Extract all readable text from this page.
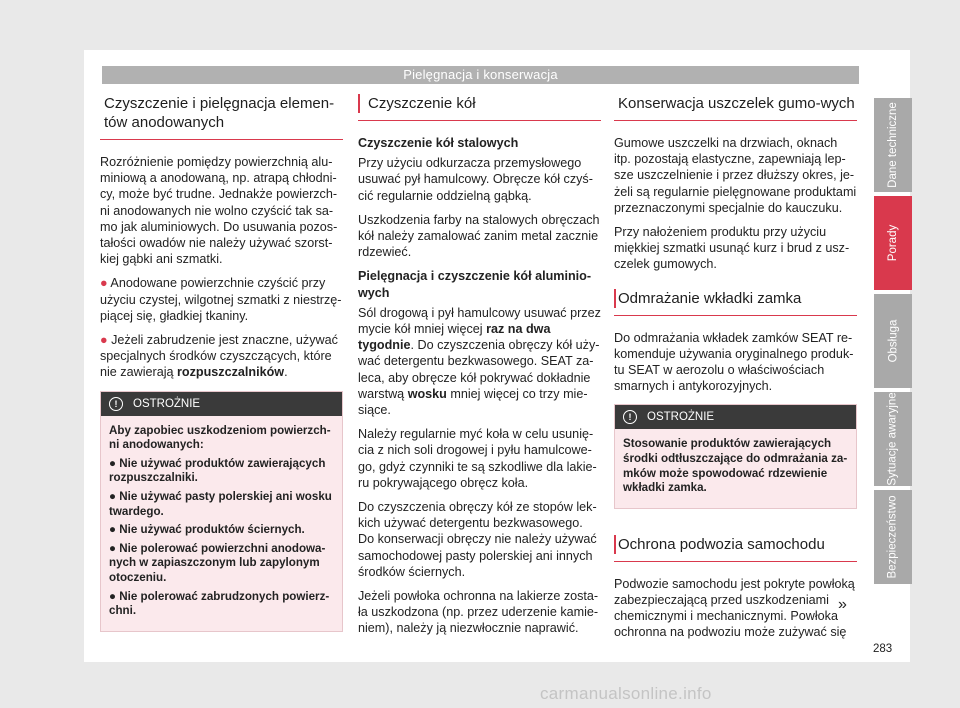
Pielęgnacja i konserwacja
Czyszczenie i pielęgnacja elemen-tów anodowanych

Rozróżnienie pomiędzy powierzchnią alu-miniową a anodowaną, np. atrapą chłodni-cy, może być trudne. Jednakże powierzch-ni anodowanych nie wolno czyścić tak sa-mo jak aluminiowych. Do usuwania pozos-tałości owadów nie należy używać szorst-kiej gąbki ani szmatki.

● Anodowane powierzchnie czyścić przy użyciu czystej, wilgotnej szmatki z niestrzę-piącej się, gładkiej tkaniny.

● Jeżeli zabrudzenie jest znaczne, używać specjalnych środków czyszczących, które nie zawierają rozpuszczalników.

!	OSTROŻNIE

Aby zapobiec uszkodzeniom powierzch-ni anodowanych:

● Nie używać produktów zawierających rozpuszczalniki.

● Nie używać pasty polerskiej ani wosku twardego.

● Nie używać produktów ściernych.

● Nie polerować powierzchni anodowa-nych w zapiaszczonym lub zapylonym otoczeniu.

● Nie polerować zabrudzonych powierz-chni.

Czyszczenie kół

Czyszczenie kół stalowych

Przy użyciu odkurzacza przemysłowego usuwać pył hamulcowy. Obręcze kół czyś-cić regularnie oddzielną gąbką.

Uszkodzenia farby na stalowych obręczach kół należy zamalować zanim metal zacznie rdzewieć.

Pielęgnacja i czyszczenie kół aluminio-wych

Sól drogową i pył hamulcowy usuwać przez mycie kół mniej więcej raz na dwa tygodnie. Do czyszczenia obręczy kół uży-wać detergentu bezkwasowego. SEAT za-leca, aby obręcze kół pokrywać dokładnie warstwą wosku mniej więcej co trzy mie-siące.

Należy regularnie myć koła w celu usunię-cia z nich soli drogowej i pyłu hamulcowe-go, gdyż czynniki te są szkodliwe dla lakie-ru pokrywającego obręcz koła.

Do czyszczenia obręczy kół ze stopów lek-kich używać detergentu bezkwasowego. Do konserwacji obręczy nie należy używać samochodowej pasty polerskiej ani innych środków ściernych.

Jeżeli powłoka ochronna na lakierze zosta-ła uszkodzona (np. przez uderzenie kamie-niem), należy ją niezwłocznie naprawić.

Konserwacja uszczelek gumo-wych

Gumowe uszczelki na drzwiach, oknach itp. pozostają elastyczne, zapewniają lep-sze uszczelnienie i przez dłuższy okres, je-żeli są regularnie pielęgnowane produktami przeznaczonymi specjalnie do kauczuku.

Przy nałożeniem produktu przy użyciu miękkiej szmatki usunąć kurz i brud z usz-czelek gumowych.

Odmrażanie wkładki zamka

Do odmrażania wkładek zamków SEAT re-komenduje używania oryginalnego produk-tu SEAT w aerozolu o właściwościach smarnych i antykorozyjnych.

!	OSTROŻNIE

Stosowanie produktów zawierających środki odtłuszczające do odmrażania za-mków może spowodować rdzewienie wkładki zamka.

Ochrona podwozia samochodu

Podwozie samochodu jest pokryte powłoką zabezpieczającą przed uszkodzeniami chemicznymi i mechanicznymi. Powłoka ochronna na podwoziu może zużywać się

»
Dane techniczne
Porady
Obsługa
Sytuacje awaryjne
Bezpieczeństwo
283
carmanualsonline.info
